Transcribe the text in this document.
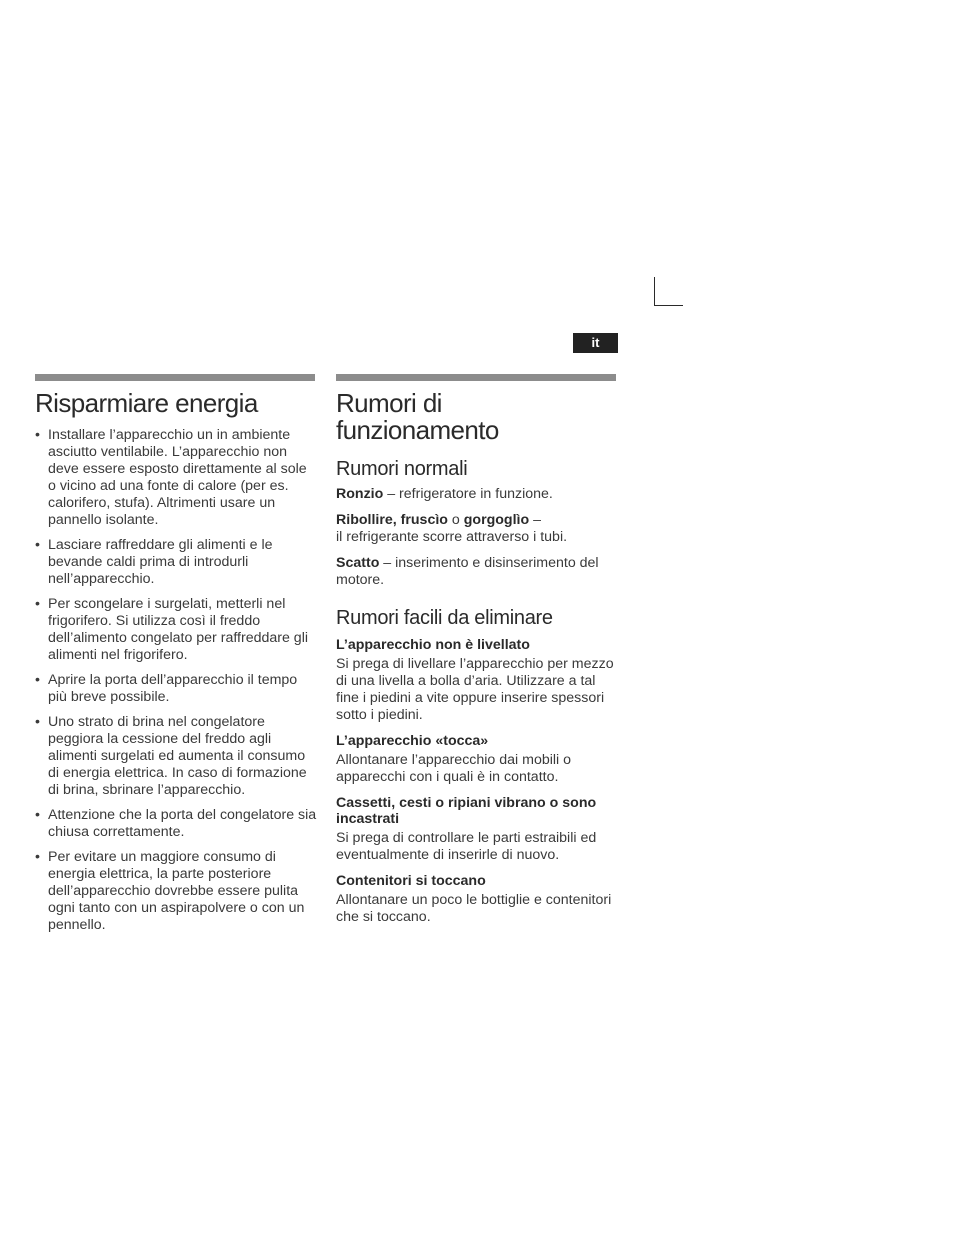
it
Risparmiare energia
• Installare l’apparecchio un in ambiente asciutto ventilabile. L’apparecchio non deve essere esposto direttamente al sole o vicino ad una fonte di calore (per es. calorifero, stufa). Altrimenti usare un pannello isolante.
• Lasciare raffreddare gli alimenti e le bevande caldi prima di introdurli nell’apparecchio.
• Per scongelare i surgelati, metterli nel frigorifero. Si utilizza così il freddo dell’alimento congelato per raffreddare gli alimenti nel frigorifero.
• Aprire la porta dell’apparecchio il tempo più breve possibile.
• Uno strato di brina nel congelatore peggiora la cessione del freddo agli alimenti surgelati ed aumenta il consumo di energia elettrica. In caso di formazione di brina, sbrinare l’apparecchio.
• Attenzione che la porta del congelatore sia chiusa correttamente.
• Per evitare un maggiore consumo di energia elettrica, la parte posteriore dell’apparecchio dovrebbe essere pulita ogni tanto con un aspirapolvere o con un pennello.
Rumori di
funzionamento
Rumori normali

Ronzio – refrigeratore in funzione.

Ribollire, fruscìo o gorgoglìo –
il refrigerante scorre attraverso i tubi.

Scatto – inserimento e disinserimento del motore.

Rumori facili da eliminare
L’apparecchio non è livellato

Si prega di livellare l’apparecchio per mezzo di una livella a bolla d’aria. Utilizzare a tal fine i piedini a vite oppure inserire spessori sotto i piedini.

L’apparecchio «tocca»

Allontanare l’apparecchio dai mobili o apparecchi con i quali è in contatto.

Cassetti, cesti o ripiani vibrano o sono incastrati

Si prega di controllare le parti estraibili ed eventualmente di inserirle di nuovo.

Contenitori si toccano

Allontanare un poco le bottiglie e contenitori che si toccano.
